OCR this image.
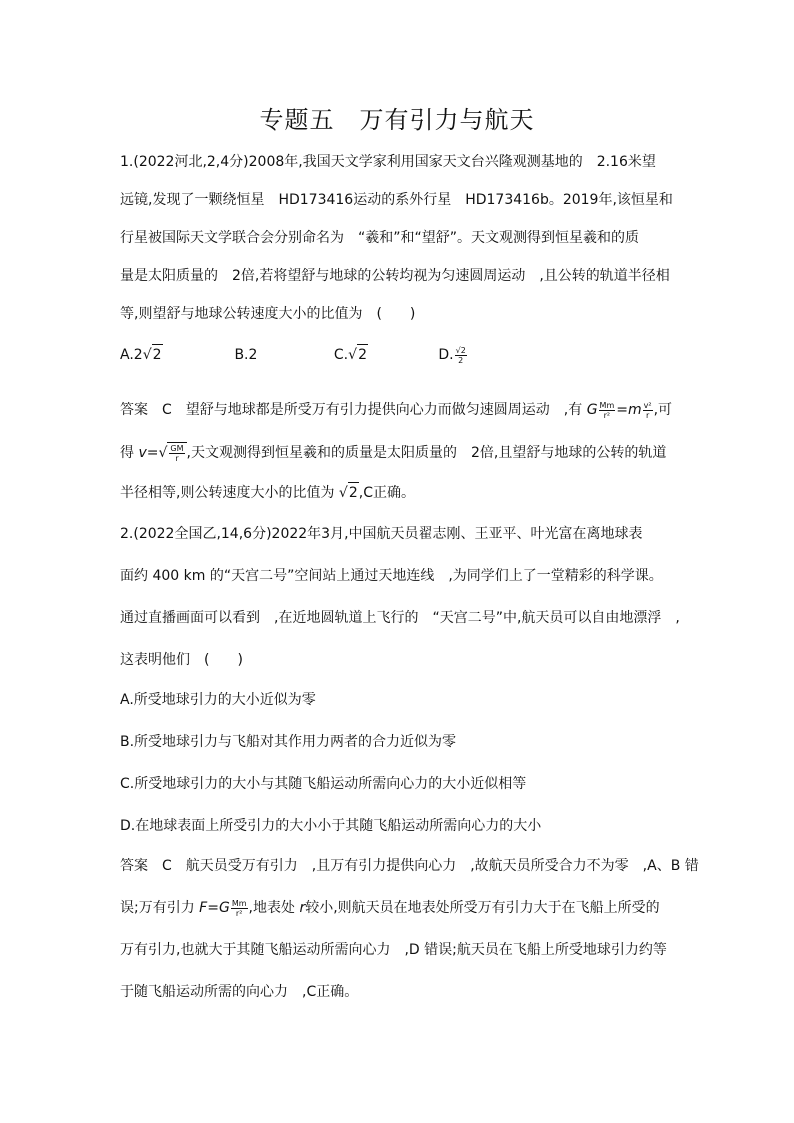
专题五　万有引力与航天
1.(2022河北,2,4分)2008年,我国天文学家利用国家天文台兴隆观测基地的　2.16米望
远镜,发现了一颗绕恒星　HD173416运动的系外行星　HD173416b。2019年,该恒星和
行星被国际天文学联合会分别命名为　“羲和”和“望舒”。天文观测得到恒星羲和的质
量是太阳质量的　2倍,若将望舒与地球的公转均视为匀速圆周运动　,且公转的轨道半径相
等,则望舒与地球公转速度大小的比值为　(　　)
A.2√2	B.2	C.√2	D. $\frac{√2}{2}$
答案　C　望舒与地球都是所受万有引力提供向心力而做匀速圆周运动　,有 G $\frac{Mm}{\text{r²}} =m \frac{\text{v²}}{r}$ ,可
得 $v=√ \frac{GM}{r}$ ,天文观测得到恒星羲和的质量是太阳质量的　2倍,且望舒与地球的公转的轨道
半径相等,则公转速度大小的比值为 √2,C正确。
2.(2022全国乙,14,6分)2022年3月,中国航天员翟志刚、王亚平、叶光富在离地球表
面约 400 km 的“天宫二号”空间站上通过天地连线　,为同学们上了一堂精彩的科学课。
通过直播画面可以看到　,在近地圆轨道上飞行的　“天宫二号”中,航天员可以自由地漂浮　,
这表明他们　(　　)
A.所受地球引力的大小近似为零
B.所受地球引力与飞船对其作用力两者的合力近似为零
C.所受地球引力的大小与其随飞船运动所需向心力的大小近似相等
D.在地球表面上所受引力的大小小于其随飞船运动所需向心力的大小
答案　C　航天员受万有引力　,且万有引力提供向心力　,故航天员所受合力不为零　,A、B 错
误;万有引力 $F=G \frac{Mm}{\text{r²}}$ ,地表处 r较小,则航天员在地表处所受万有引力大于在飞船上所受的
万有引力,也就大于其随飞船运动所需向心力　,D 错误;航天员在飞船上所受地球引力约等
于随飞船运动所需的向心力　,C正确。
